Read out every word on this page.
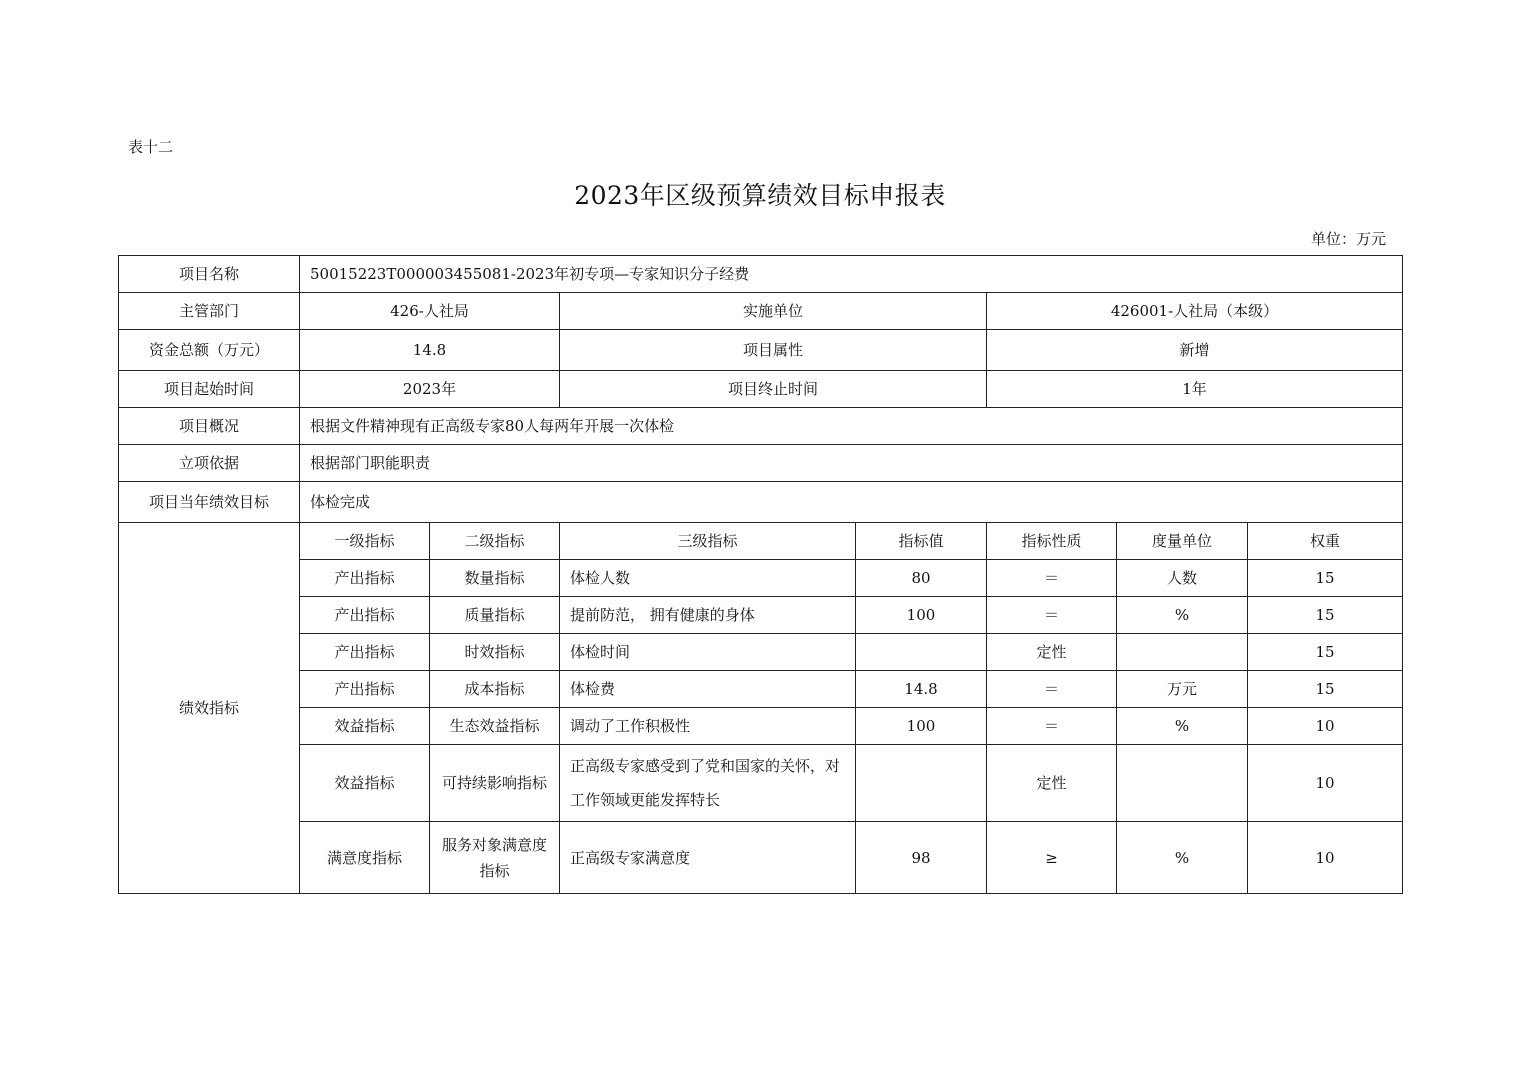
表十二
2023年区级预算绩效目标申报表
单位：万元
项目名称	50015223T000003455081-2023年初专项—专家知识分子经费						
主管部门	426-人社局		实施单位		426001-人社局（本级）		
资金总额（万元）	14.8		项目属性		新增		
项目起始时间	2023年		项目终止时间		1年		
项目概况	根据文件精神现有正高级专家80人每两年开展一次体检						
立项依据	根据部门职能职责						
项目当年绩效目标	体检完成						
绩效指标	一级指标	二级指标	三级指标	指标值	指标性质	度量单位	权重
	产出指标	数量指标	体检人数	80	＝	人数	15
	产出指标	质量指标	提前防范， 拥有健康的身体	100	＝	%	15
	产出指标	时效指标	体检时间		定性		15
	产出指标	成本指标	体检费	14.8	＝	万元	15
	效益指标	生态效益指标	调动了工作积极性	100	＝	%	10
	效益指标	可持续影响指标	正高级专家感受到了党和国家的关怀，对工作领域更能发挥特长		定性		10
	满意度指标	服务对象满意度指标	正高级专家满意度	98	≥	%	10
